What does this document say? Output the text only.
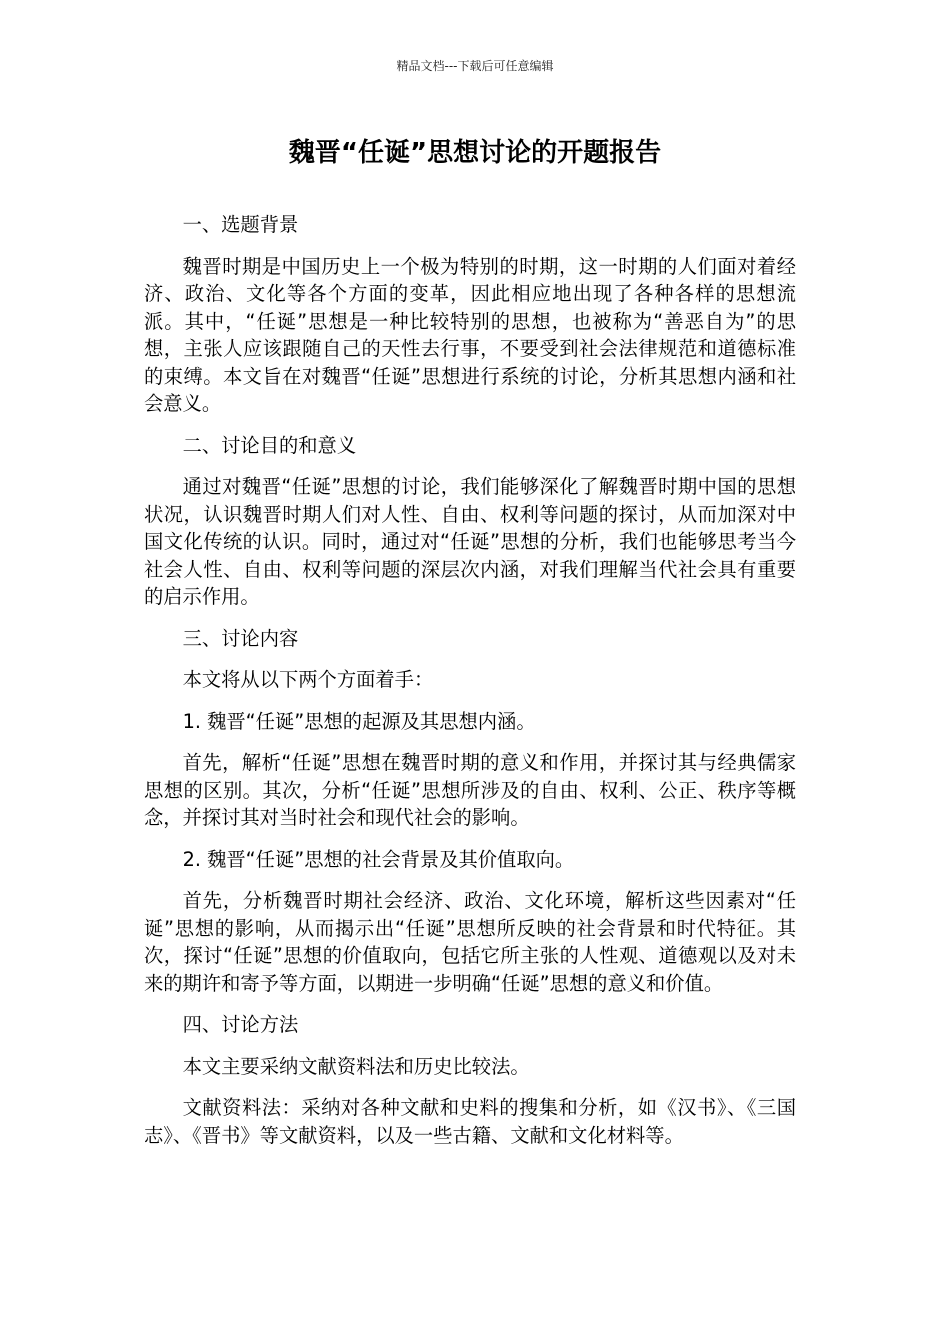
精品文档---下载后可任意编辑
魏晋“任诞”思想讨论的开题报告

一、选题背景

魏晋时期是中国历史上一个极为特别的时期，这一时期的人们面对着经济、政治、文化等各个方面的变革，因此相应地出现了各种各样的思想流派。其中，“任诞”思想是一种比较特别的思想，也被称为“善恶自为”的思想，主张人应该跟随自己的天性去行事，不要受到社会法律规范和道德标准的束缚。本文旨在对魏晋“任诞”思想进行系统的讨论，分析其思想内涵和社会意义。

二、讨论目的和意义

通过对魏晋“任诞”思想的讨论，我们能够深化了解魏晋时期中国的思想状况，认识魏晋时期人们对人性、自由、权利等问题的探讨，从而加深对中国文化传统的认识。同时，通过对“任诞”思想的分析，我们也能够思考当今社会人性、自由、权利等问题的深层次内涵，对我们理解当代社会具有重要的启示作用。

三、讨论内容

本文将从以下两个方面着手：

1. 魏晋“任诞”思想的起源及其思想内涵。

首先，解析“任诞”思想在魏晋时期的意义和作用，并探讨其与经典儒家思想的区别。其次，分析“任诞”思想所涉及的自由、权利、公正、秩序等概念，并探讨其对当时社会和现代社会的影响。

2. 魏晋“任诞”思想的社会背景及其价值取向。

首先，分析魏晋时期社会经济、政治、文化环境，解析这些因素对“任诞”思想的影响，从而揭示出“任诞”思想所反映的社会背景和时代特征。其次，探讨“任诞”思想的价值取向，包括它所主张的人性观、道德观以及对未来的期许和寄予等方面，以期进一步明确“任诞”思想的意义和价值。

四、讨论方法

本文主要采纳文献资料法和历史比较法。

文献资料法：采纳对各种文献和史料的搜集和分析，如《汉书》、《三国志》、《晋书》等文献资料，以及一些古籍、文献和文化材料等。
